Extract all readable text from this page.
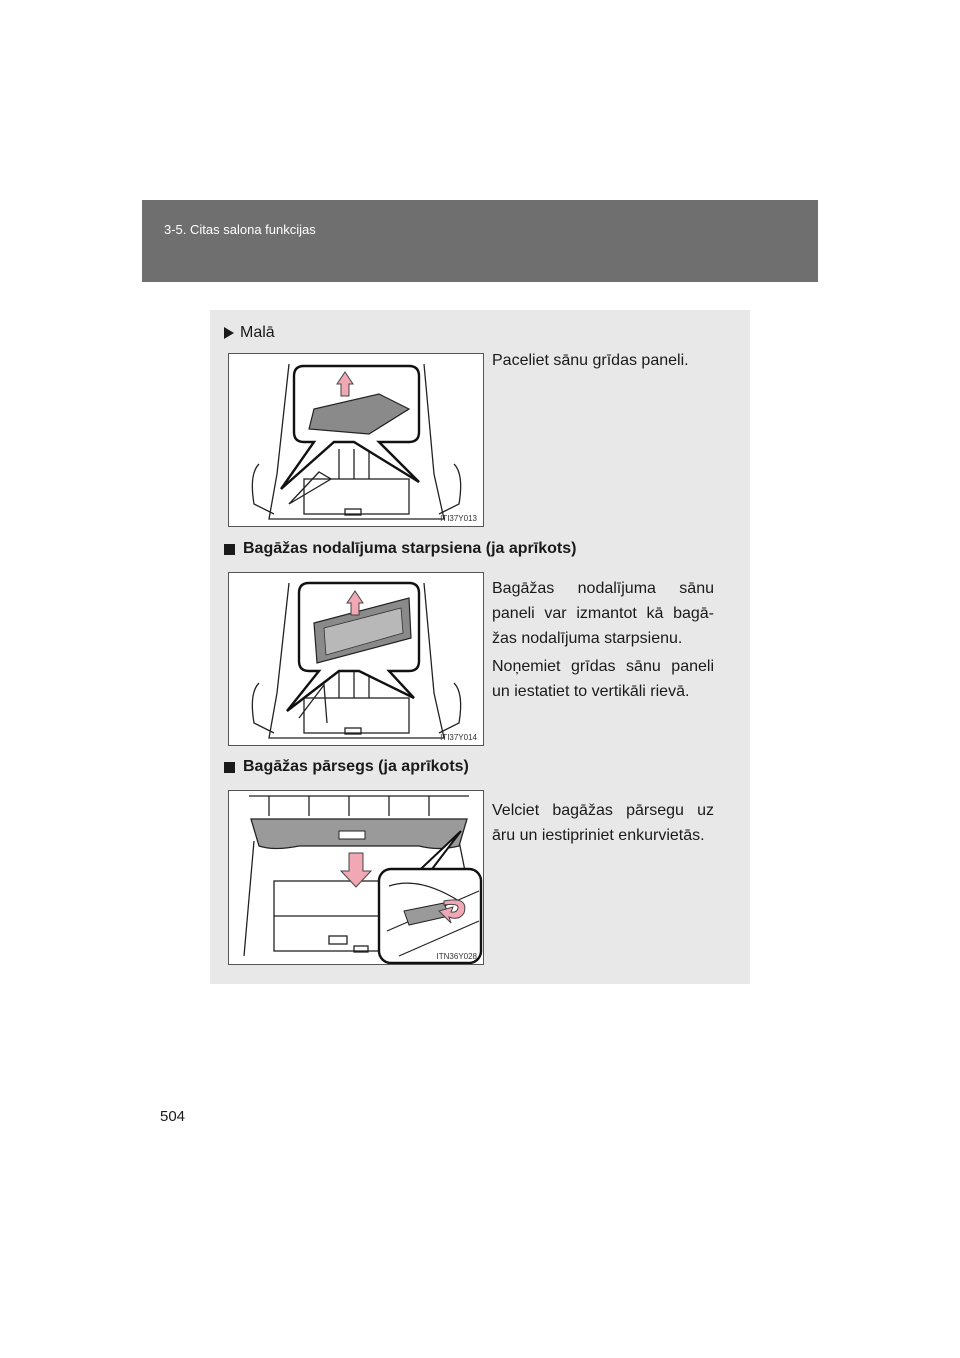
3-5. Citas salona funkcijas
Malā

Paceliet sānu grīdas paneli.

ITI37Y013
Bagāžas nodalījuma starpsiena (ja aprīkots)

Bagāžas nodalījuma sānu paneli var izmantot kā bagā-žas nodalījuma starpsienu.

Noņemiet grīdas sānu paneli un iestatiet to vertikāli rievā.

ITI37Y014
Bagāžas pārsegs (ja aprīkots)

Velciet bagāžas pārsegu uz āru un iestipriniet enkurvietās.

ITN36Y028
504
